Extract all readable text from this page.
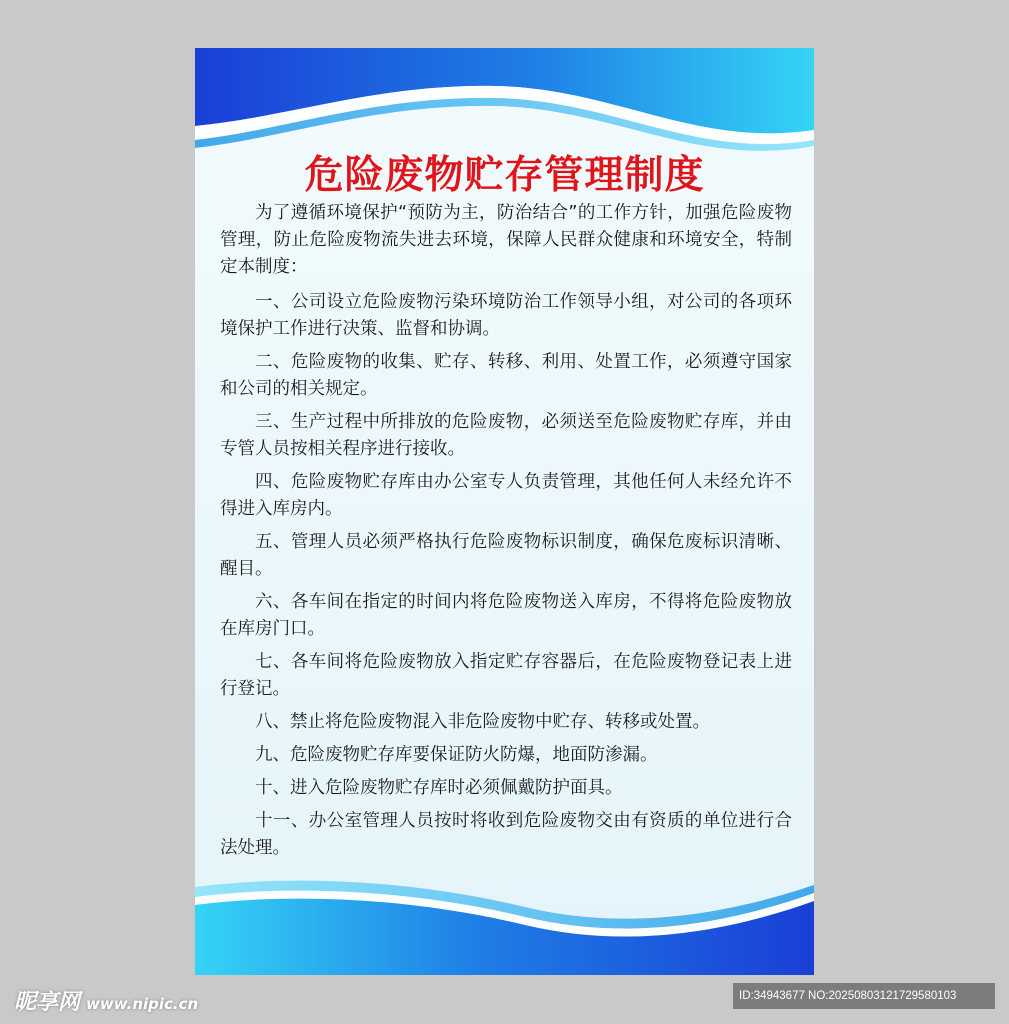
危险废物贮存管理制度

为了遵循环境保护“预防为主，防治结合”的工作方针，加强危险废物管理，防止危险废物流失进去环境，保障人民群众健康和环境安全，特制定本制度：

一、公司设立危险废物污染环境防治工作领导小组，对公司的各项环境保护工作进行决策、监督和协调。

二、危险废物的收集、贮存、转移、利用、处置工作，必须遵守国家和公司的相关规定。

三、生产过程中所排放的危险废物，必须送至危险废物贮存库，并由专管人员按相关程序进行接收。

四、危险废物贮存库由办公室专人负责管理，其他任何人未经允许不得进入库房内。

五、管理人员必须严格执行危险废物标识制度，确保危废标识清晰、醒目。

六、各车间在指定的时间内将危险废物送入库房，不得将危险废物放在库房门口。

七、各车间将危险废物放入指定贮存容器后，在危险废物登记表上进行登记。

八、禁止将危险废物混入非危险废物中贮存、转移或处置。

九、危险废物贮存库要保证防火防爆，地面防渗漏。

十、进入危险废物贮存库时必须佩戴防护面具。

十一、办公室管理人员按时将收到危险废物交由有资质的单位进行合法处理。

昵享网 www.nipic.cn	ID:34943677 NO:20250803121729580103
